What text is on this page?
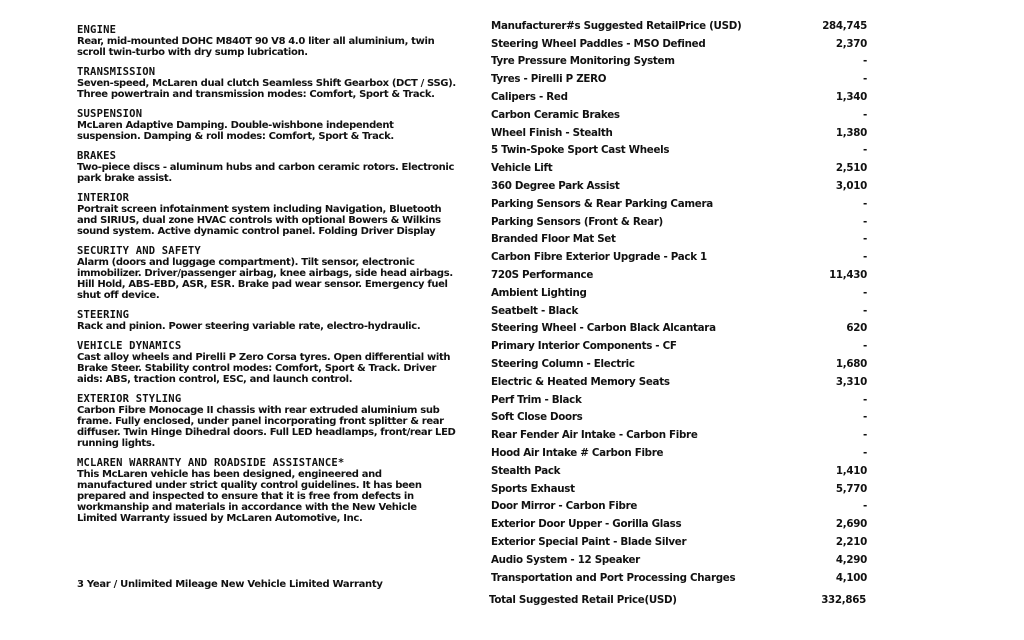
ENGINE
Rear, mid-mounted DOHC M840T 90 V8 4.0 liter all aluminium, twin scroll twin-turbo with dry sump lubrication.
TRANSMISSION
Seven-speed, McLaren dual clutch Seamless Shift Gearbox (DCT / SSG). Three powertrain and transmission modes: Comfort, Sport & Track.
SUSPENSION
McLaren Adaptive Damping. Double-wishbone independent suspension. Damping & roll modes: Comfort, Sport & Track.
BRAKES
Two-piece discs - aluminum hubs and carbon ceramic rotors. Electronic park brake assist.
INTERIOR
Portrait screen infotainment system including Navigation, Bluetooth and SIRIUS, dual zone HVAC controls with optional Bowers & Wilkins sound system. Active dynamic control panel. Folding Driver Display
SECURITY AND SAFETY
Alarm (doors and luggage compartment). Tilt sensor, electronic immobilizer. Driver/passenger airbag, knee airbags, side head airbags. Hill Hold, ABS-EBD, ASR, ESR. Brake pad wear sensor. Emergency fuel shut off device.
STEERING
Rack and pinion. Power steering variable rate, electro-hydraulic.
VEHICLE DYNAMICS
Cast alloy wheels and Pirelli P Zero Corsa tyres. Open differential with Brake Steer. Stability control modes: Comfort, Sport & Track. Driver aids: ABS, traction control, ESC, and launch control.
EXTERIOR STYLING
Carbon Fibre Monocage II chassis with rear extruded aluminium sub frame. Fully enclosed, under panel incorporating front splitter & rear diffuser. Twin Hinge Dihedral doors. Full LED headlamps, front/rear LED running lights.
MCLAREN WARRANTY AND ROADSIDE ASSISTANCE*
This McLaren vehicle has been designed, engineered and manufactured under strict quality control guidelines. It has been prepared and inspected to ensure that it is free from defects in workmanship and materials in accordance with the New Vehicle Limited Warranty issued by McLaren Automotive, Inc.
3 Year / Unlimited Mileage New Vehicle Limited Warranty
Manufacturer#s Suggested RetailPrice (USD)	284,745
Steering Wheel Paddles - MSO Defined	2,370
Tyre Pressure Monitoring System	-
Tyres - Pirelli P ZERO	-
Calipers - Red	1,340
Carbon Ceramic Brakes	-
Wheel Finish - Stealth	1,380
5 Twin-Spoke Sport Cast Wheels	-
Vehicle Lift	2,510
360 Degree Park Assist	3,010
Parking Sensors & Rear Parking Camera	-
Parking Sensors (Front & Rear)	-
Branded Floor Mat Set	-
Carbon Fibre Exterior Upgrade - Pack 1	-
720S Performance	11,430
Ambient Lighting	-
Seatbelt - Black	-
Steering Wheel - Carbon Black Alcantara	620
Primary Interior Components - CF	-
Steering Column - Electric	1,680
Electric & Heated Memory Seats	3,310
Perf Trim - Black	-
Soft Close Doors	-
Rear Fender Air Intake - Carbon Fibre	-
Hood Air Intake # Carbon Fibre	-
Stealth Pack	1,410
Sports Exhaust	5,770
Door Mirror - Carbon Fibre	-
Exterior Door Upper - Gorilla Glass	2,690
Exterior Special Paint - Blade Silver	2,210
Audio System - 12 Speaker	4,290
Transportation and Port Processing Charges	4,100
Total Suggested Retail Price(USD)	332,865
